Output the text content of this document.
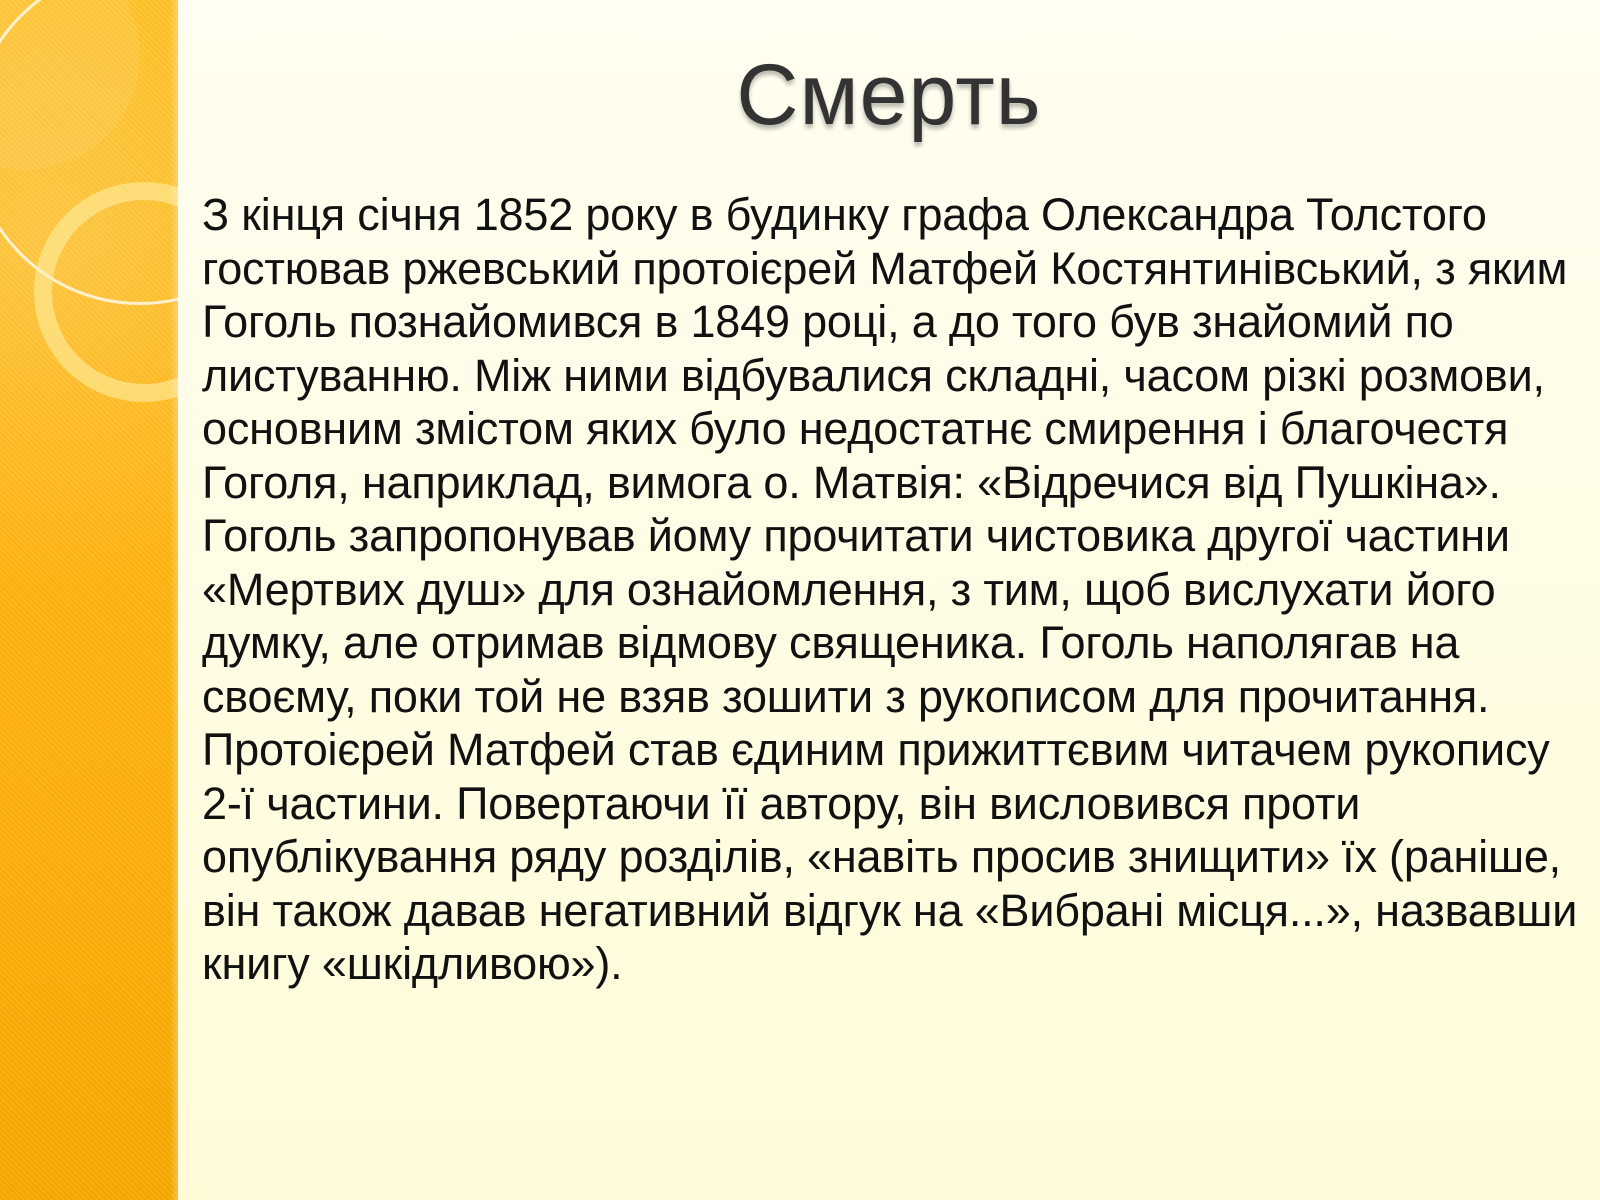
Смерть
З кінця січня 1852 року в будинку графа Олександра Толстого гостював ржевський протоієрей Матфей Костянтинівський, з яким Гоголь познайомився в 1849 році, а до того був знайомий по листуванню. Між ними відбувалися складні, часом різкі розмови, основним змістом яких було недостатнє смирення і благочестя Гоголя, наприклад, вимога о. Матвія: «Відречися від Пушкіна». Гоголь запропонував йому прочитати чистовика другої частини «Мертвих душ» для ознайомлення, з тим, щоб вислухати його думку, але отримав відмову священика. Гоголь наполягав на своєму, поки той не взяв зошити з рукописом для прочитання. Протоієрей Матфей став єдиним прижиттєвим читачем рукопису 2-ї частини. Повертаючи її автору, він висловився проти опублікування ряду розділів, «навіть просив знищити» їх (раніше, він також давав негативний відгук на «Вибрані місця...», назвавши книгу «шкідливою»).
